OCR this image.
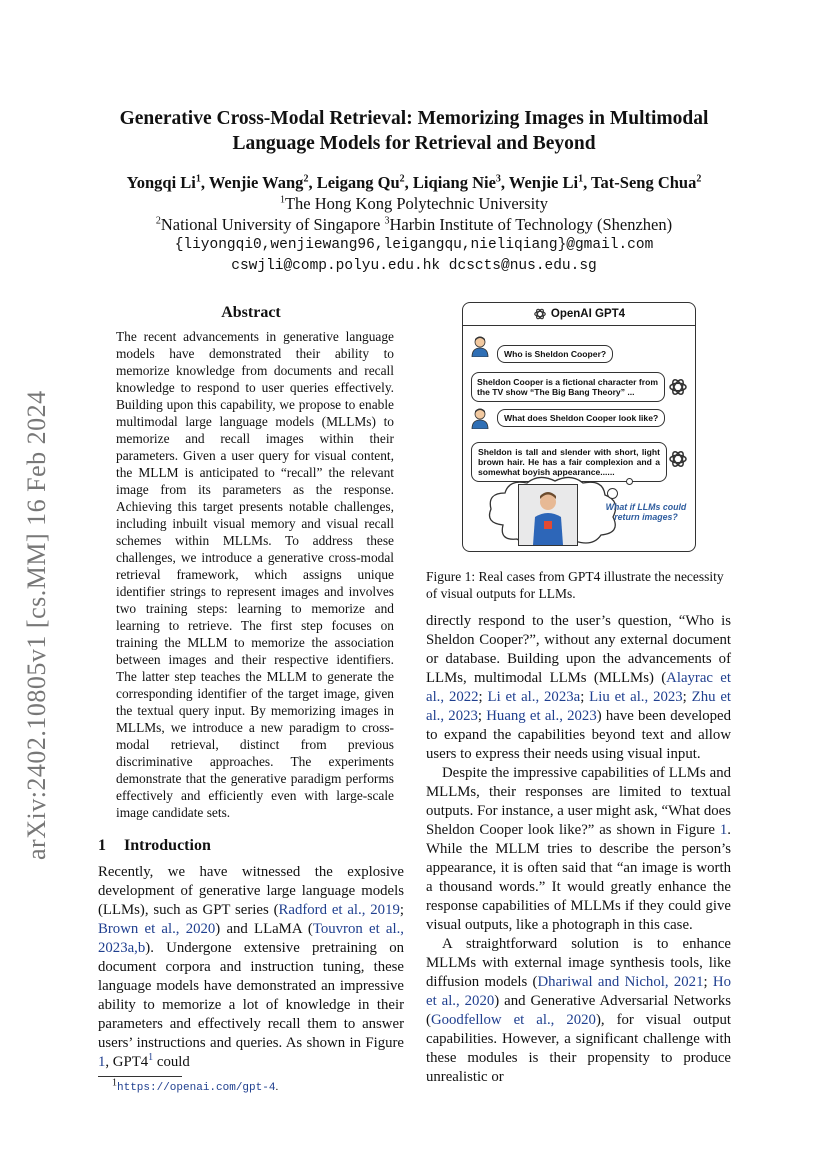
arXiv:2402.10805v1 [cs.MM] 16 Feb 2024
Generative Cross-Modal Retrieval: Memorizing Images in Multimodal
Language Models for Retrieval and Beyond
Yongqi Li$^1$, Wenjie Wang$^2$, Leigang Qu$^2$, Liqiang Nie$^3$, Wenjie Li$^1$, Tat-Seng Chua$^2$
$^1$The Hong Kong Polytechnic University
$^2$National University of Singapore $^3$Harbin Institute of Technology (Shenzhen)
{liyongqi0,wenjiewang96,leigangqu,nieliqiang}@gmail.com
cswjli@comp.polyu.edu.hk dcscts@nus.edu.sg
Abstract
The recent advancements in generative language models have demonstrated their ability to memorize knowledge from documents and recall knowledge to respond to user queries effectively. Building upon this capability, we propose to enable multimodal large language models (MLLMs) to memorize and recall images within their parameters. Given a user query for visual content, the MLLM is anticipated to “recall” the relevant image from its parameters as the response. Achieving this target presents notable challenges, including inbuilt visual memory and visual recall schemes within MLLMs. To address these challenges, we introduce a generative cross-modal retrieval framework, which assigns unique identifier strings to represent images and involves two training steps: learning to memorize and learning to retrieve. The first step focuses on training the MLLM to memorize the association between images and their respective identifiers. The latter step teaches the MLLM to generate the corresponding identifier of the target image, given the textual query input. By memorizing images in MLLMs, we introduce a new paradigm to cross-modal retrieval, distinct from previous discriminative approaches. The experiments demonstrate that the generative paradigm performs effectively and efficiently even with large-scale image candidate sets.
1 Introduction

Recently, we have witnessed the explosive development of generative large language models (LLMs), such as GPT series (Radford et al., 2019; Brown et al., 2020) and LLaMA (Touvron et al., 2023a,b). Undergone extensive pretraining on document corpora and instruction tuning, these language models have demonstrated an impressive ability to memorize a lot of knowledge in their parameters and effectively recall them to answer users’ instructions and queries. As shown in Figure 1, $GPT4^1$ could

$^1$https://openai.com/gpt-4.
OpenAI
GPT4
Who is Sheldon Cooper?
Sheldon Cooper is a fictional character from the TV show “The Big Bang Theory” ...
What does Sheldon Cooper look like?
Sheldon is tall and slender with short, light brown hair. He has a fair complexion and a somewhat boyish appearance......
What if LLMs could return images?
Figure 1: Real cases from GPT4 illustrate the necessity of visual outputs for LLMs.

directly respond to the user’s question, “Who is Sheldon Cooper?”, without any external document or database. Building upon the advancements of LLMs, multimodal LLMs (MLLMs) (Alayrac et al., 2022; Li et al., 2023a; Liu et al., 2023; Zhu et al., 2023; Huang et al., 2023) have been developed to expand the capabilities beyond text and allow users to express their needs using visual input.

Despite the impressive capabilities of LLMs and MLLMs, their responses are limited to textual outputs. For instance, a user might ask, “What does Sheldon Cooper look like?” as shown in Figure 1. While the MLLM tries to describe the person’s appearance, it is often said that “an image is worth a thousand words.” It would greatly enhance the response capabilities of MLLMs if they could give visual outputs, like a photograph in this case.

A straightforward solution is to enhance MLLMs with external image synthesis tools, like diffusion models (Dhariwal and Nichol, 2021; Ho et al., 2020) and Generative Adversarial Networks (Goodfellow et al., 2020), for visual output capabilities. However, a significant challenge with these modules is their propensity to produce unrealistic or
